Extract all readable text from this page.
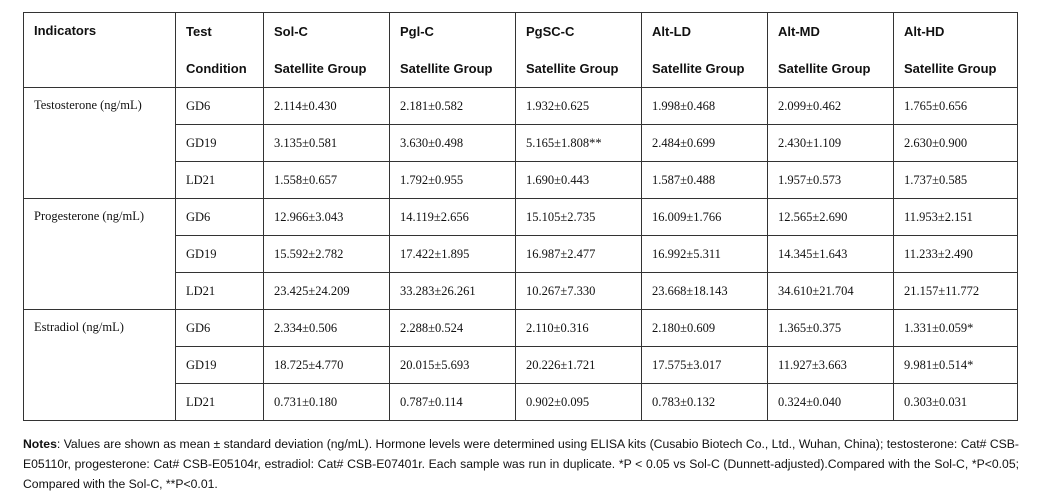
Indicators	Test	Sol-C	Pgl-C	PgSC-C	Alt-LD	Alt-MD	Alt-HD
	Condition	Satellite Group	Satellite Group	Satellite Group	Satellite Group	Satellite Group	Satellite Group
Testosterone (ng/mL)	GD6	2.114±0.430	2.181±0.582	1.932±0.625	1.998±0.468	2.099±0.462	1.765±0.656
	GD19	3.135±0.581	3.630±0.498	5.165±1.808**	2.484±0.699	2.430±1.109	2.630±0.900
	LD21	1.558±0.657	1.792±0.955	1.690±0.443	1.587±0.488	1.957±0.573	1.737±0.585
Progesterone (ng/mL)	GD6	12.966±3.043	14.119±2.656	15.105±2.735	16.009±1.766	12.565±2.690	11.953±2.151
	GD19	15.592±2.782	17.422±1.895	16.987±2.477	16.992±5.311	14.345±1.643	11.233±2.490
	LD21	23.425±24.209	33.283±26.261	10.267±7.330	23.668±18.143	34.610±21.704	21.157±11.772
Estradiol (ng/mL)	GD6	2.334±0.506	2.288±0.524	2.110±0.316	2.180±0.609	1.365±0.375	1.331±0.059*
	GD19	18.725±4.770	20.015±5.693	20.226±1.721	17.575±3.017	11.927±3.663	9.981±0.514*
	LD21	0.731±0.180	0.787±0.114	0.902±0.095	0.783±0.132	0.324±0.040	0.303±0.031
Notes: Values are shown as mean ± standard deviation (ng/mL). Hormone levels were determined using ELISA kits (Cusabio Biotech Co., Ltd., Wuhan, China); testosterone: Cat# CSB-E05110r, progesterone: Cat# CSB-E05104r, estradiol: Cat# CSB-E07401r. Each sample was run in duplicate. *P < 0.05 vs Sol-C (Dunnett-adjusted).Compared with the Sol-C, *P<0.05; Compared with the Sol-C, **P<0.01.
